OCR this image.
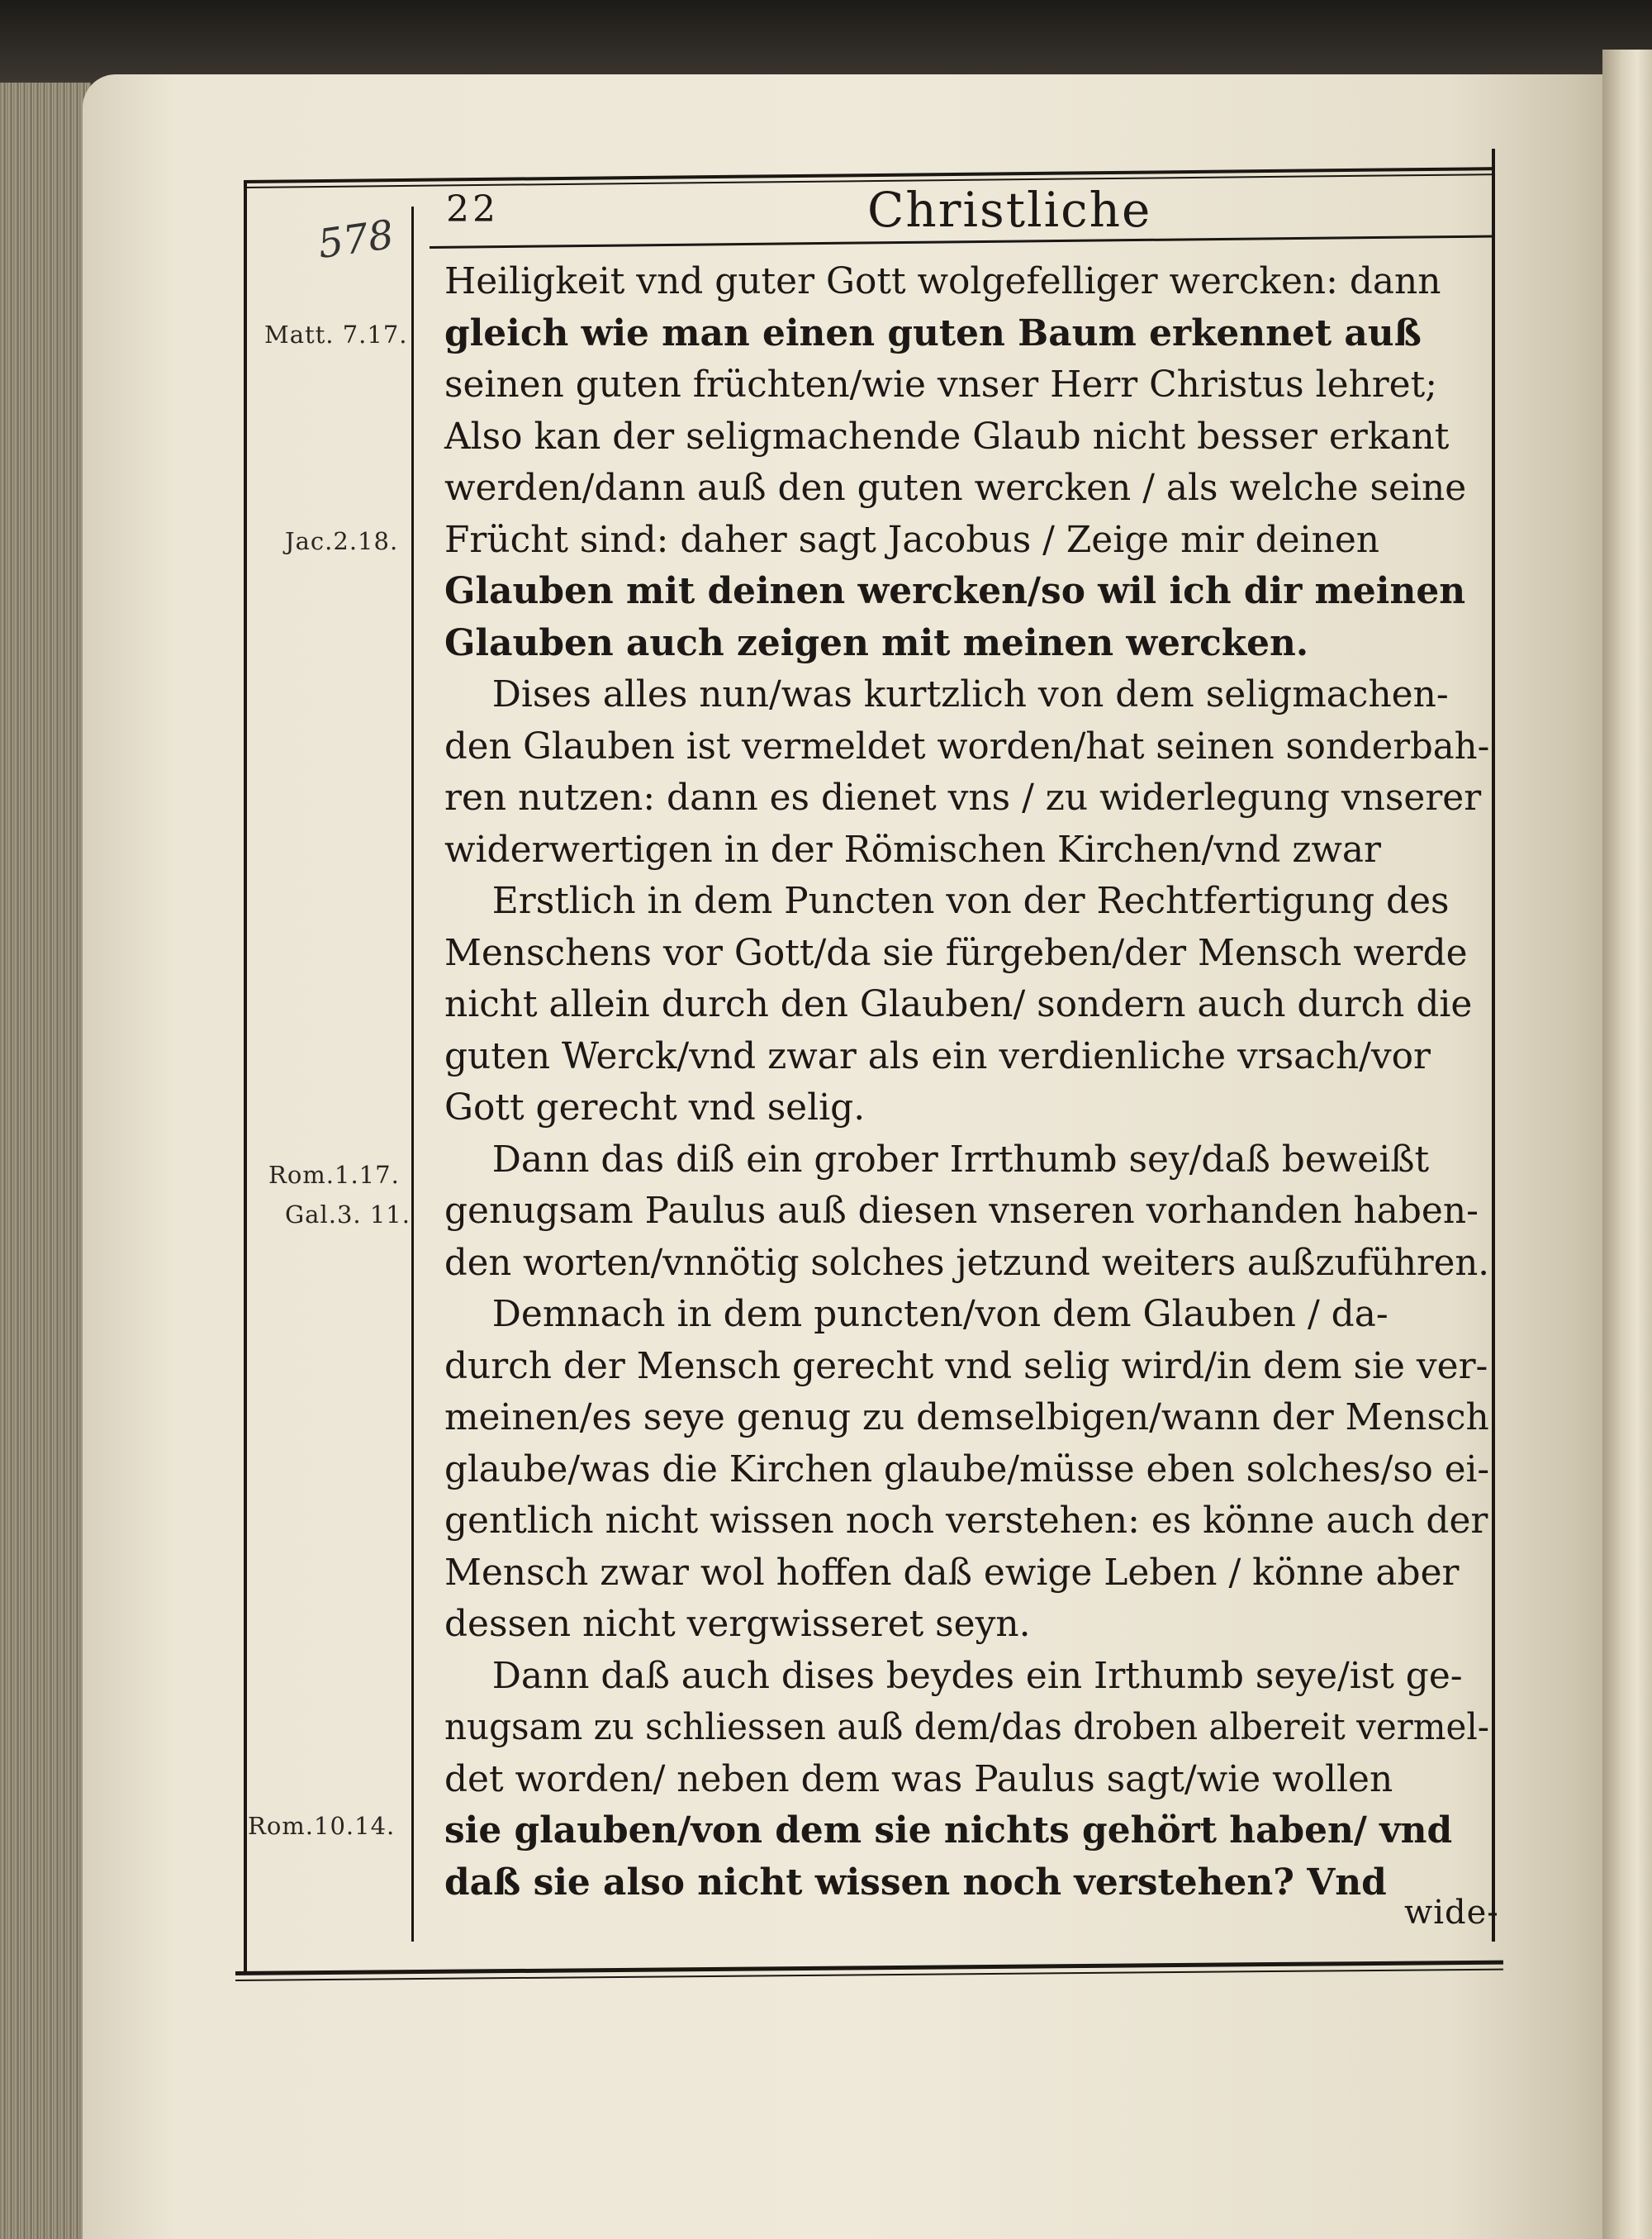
578
22	Christliche
Matt. 7.17.
Jac.2.18.
Rom.1.17.
Gal.3. 11.
Rom.10.14.
Heiligkeit vnd guter Gott wolgefelliger wercken: dann
gleich wie man einen guten Baum erkennet auß
seinen guten früchten/wie vnser Herr Christus lehret;
Also kan der seligmachende Glaub nicht besser erkant
werden/dann auß den guten wercken / als welche seine
Frücht sind: daher sagt Jacobus / Zeige mir deinen
Glauben mit deinen wercken/so wil ich dir meinen
Glauben auch zeigen mit meinen wercken.
Dises alles nun/was kurtzlich von dem seligmachen-
den Glauben ist vermeldet worden/hat seinen sonderbah-
ren nutzen: dann es dienet vns / zu widerlegung vnserer
widerwertigen in der Römischen Kirchen/vnd zwar
Erstlich in dem Puncten von der Rechtfertigung des
Menschens vor Gott/da sie fürgeben/der Mensch werde
nicht allein durch den Glauben/ sondern auch durch die
guten Werck/vnd zwar als ein verdienliche vrsach/vor
Gott gerecht vnd selig.
Dann das diß ein grober Irrthumb sey/daß beweißt
genugsam Paulus auß diesen vnseren vorhanden haben-
den worten/vnnötig solches jetzund weiters außzuführen.
Demnach in dem puncten/von dem Glauben / da-
durch der Mensch gerecht vnd selig wird/in dem sie ver-
meinen/es seye genug zu demselbigen/wann der Mensch
glaube/was die Kirchen glaube/müsse eben solches/so ei-
gentlich nicht wissen noch verstehen: es könne auch der
Mensch zwar wol hoffen daß ewige Leben / könne aber
dessen nicht vergwisseret seyn.
Dann daß auch dises beydes ein Irthumb seye/ist ge-
nugsam zu schliessen auß dem/das droben albereit vermel-
det worden/ neben dem was Paulus sagt/wie wollen
sie glauben/von dem sie nichts gehört haben/ vnd
daß sie also nicht wissen noch verstehen? Vnd
wide-
